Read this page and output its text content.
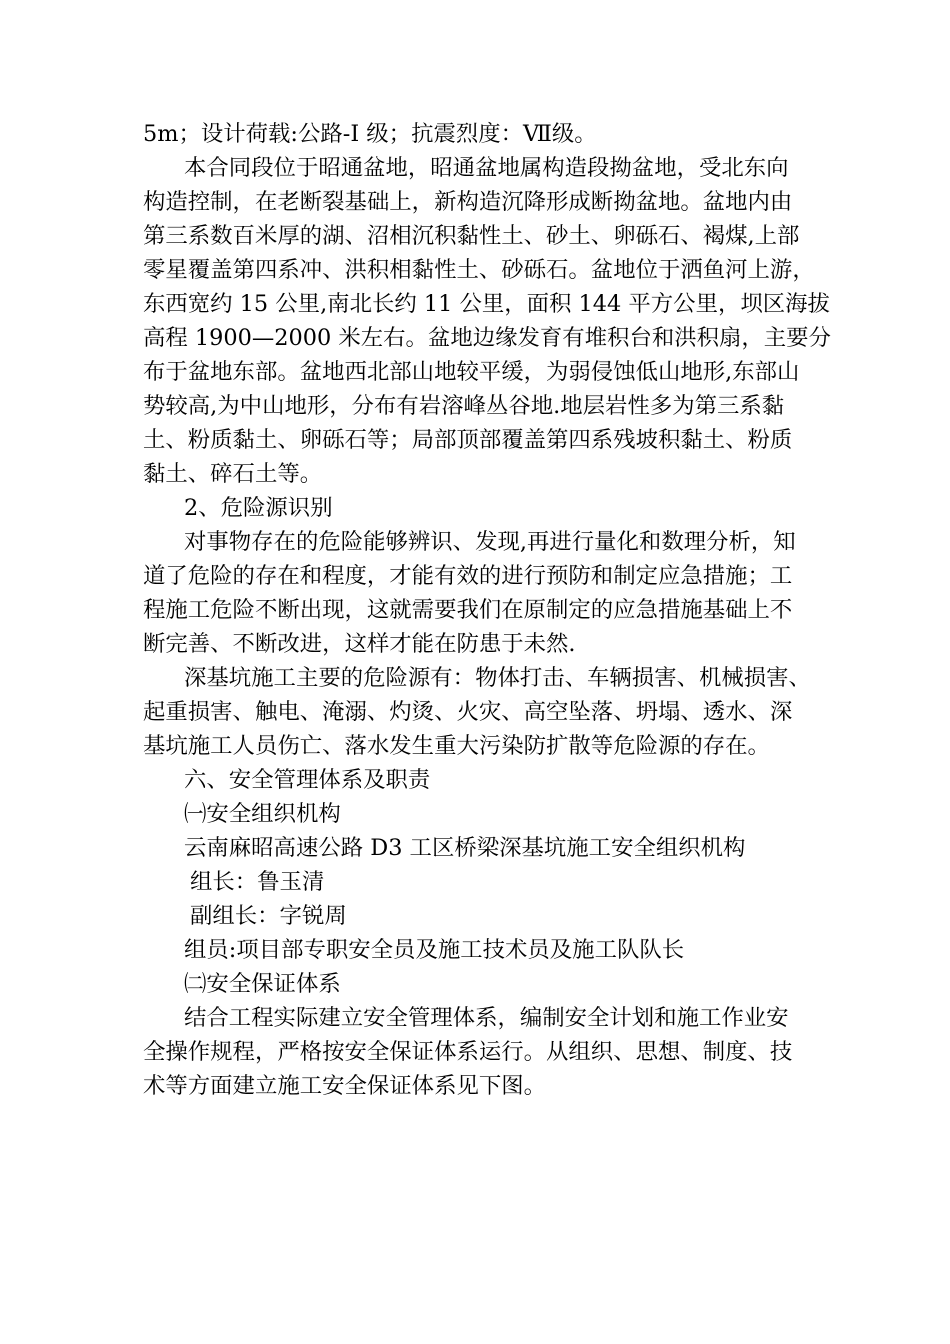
5m；设计荷载:公路-Ⅰ 级；抗震烈度：Ⅶ级。
本合同段位于昭通盆地，昭通盆地属构造段拗盆地，受北东向
构造控制，在老断裂基础上，新构造沉降形成断拗盆地。盆地内由
第三系数百米厚的湖、沼相沉积黏性土、砂土、卵砾石、褐煤,上部
零星覆盖第四系冲、洪积相黏性土、砂砾石。盆地位于洒鱼河上游，
东西宽约 15 公里,南北长约 11 公里，面积 144 平方公里，坝区海拔
高程 1900—2000 米左右。盆地边缘发育有堆积台和洪积扇，主要分
布于盆地东部。盆地西北部山地较平缓，为弱侵蚀低山地形,东部山
势较高,为中山地形，分布有岩溶峰丛谷地.地层岩性多为第三系黏
土、粉质黏土、卵砾石等；局部顶部覆盖第四系残坡积黏土、粉质
黏土、碎石土等。
2、危险源识别
对事物存在的危险能够辨识、发现,再进行量化和数理分析，知
道了危险的存在和程度，才能有效的进行预防和制定应急措施；工
程施工危险不断出现，这就需要我们在原制定的应急措施基础上不
断完善、不断改进，这样才能在防患于未然.
深基坑施工主要的危险源有：物体打击、车辆损害、机械损害、
起重损害、触电、淹溺、灼烫、火灾、高空坠落、坍塌、透水、深
基坑施工人员伤亡、落水发生重大污染防扩散等危险源的存在。
六、安全管理体系及职责
㈠安全组织机构
云南麻昭高速公路 D3 工区桥梁深基坑施工安全组织机构
组长：鲁玉清
副组长：字锐周
组员:项目部专职安全员及施工技术员及施工队队长
㈡安全保证体系
结合工程实际建立安全管理体系，编制安全计划和施工作业安
全操作规程，严格按安全保证体系运行。从组织、思想、制度、技
术等方面建立施工安全保证体系见下图。
